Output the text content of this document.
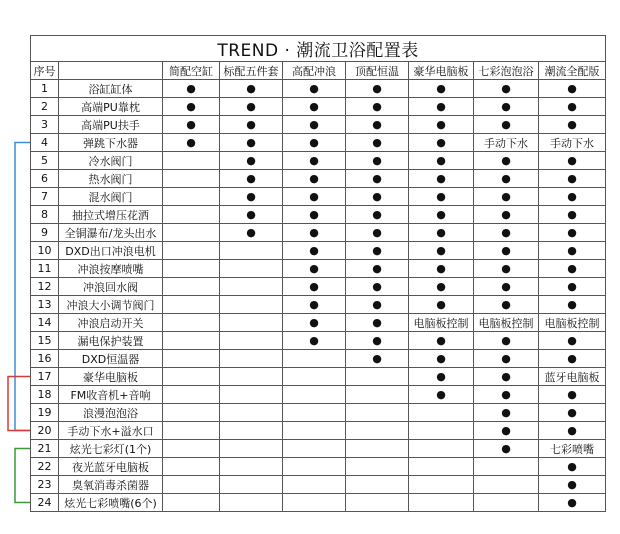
TREND · 潮流卫浴配置表								
序号		简配空缸	标配五件套	高配冲浪	顶配恒温	豪华电脑板	七彩泡泡浴	潮流全配版
1	浴缸缸体	●	●	●	●	●	●	●
2	高端PU靠枕	●	●	●	●	●	●	●
3	高端PU扶手	●	●	●	●	●	●	●
4	弹跳下水器	●	●	●	●	●	手动下水	手动下水
5	冷水阀门		●	●	●	●	●	●
6	热水阀门		●	●	●	●	●	●
7	混水阀门		●	●	●	●	●	●
8	抽拉式增压花洒		●	●	●	●	●	●
9	全铜瀑布/龙头出水		●	●	●	●	●	●
10	DXD出口冲浪电机			●	●	●	●	●
11	冲浪按摩喷嘴			●	●	●	●	●
12	冲浪回水阀			●	●	●	●	●
13	冲浪大小调节阀门			●	●	●	●	●
14	冲浪启动开关			●	●	电脑板控制	电脑板控制	电脑板控制
15	漏电保护装置			●	●	●	●	●
16	DXD恒温器				●	●	●	●
17	豪华电脑板					●	●	蓝牙电脑板
18	FM收音机+音响					●	●	●
19	浪漫泡泡浴						●	●
20	手动下水+溢水口						●	●
21	炫光七彩灯(1个)						●	七彩喷嘴
22	夜光蓝牙电脑板							●
23	臭氧消毒杀菌器							●
24	炫光七彩喷嘴(6个)							●
